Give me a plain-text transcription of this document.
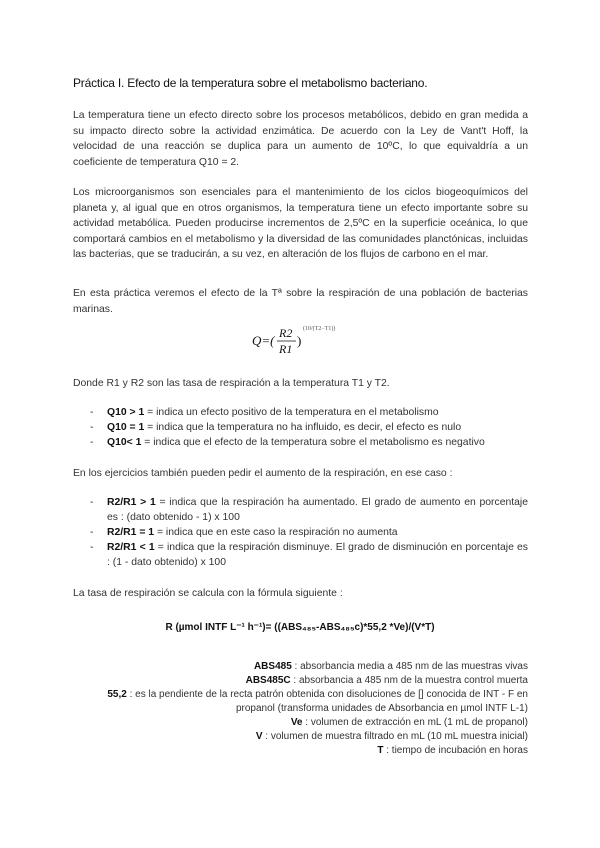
Práctica I. Efecto de la temperatura sobre el metabolismo bacteriano.

La temperatura tiene un efecto directo sobre los procesos metabólicos, debido en gran medida a su impacto directo sobre la actividad enzimática. De acuerdo con la Ley de Vant't Hoff, la velocidad de una reacción se duplica para un aumento de 10ºC, lo que equivaldría a un coeficiente de temperatura Q10 = 2.

Los microorganismos son esenciales para el mantenimiento de los ciclos biogeoquímicos del planeta y, al igual que en otros organismos, la temperatura tiene un efecto importante sobre su actividad metabólica. Pueden producirse incrementos de 2,5ºC en la superficie oceánica, lo que comportará cambios en el metabolismo y la diversidad de las comunidades planctónicas, incluidas las bacterias, que se traducirán, a su vez, en alteración de los flujos de carbono en el mar.

En esta práctica veremos el efecto de la Tª sobre la respiración de una población de bacterias marinas.

Q=( R2
R1
)
(10/(T2−T1))

Donde R1 y R2 son las tasa de respiración a la temperatura T1 y T2.

- Q10 > 1 = indica un efecto positivo de la temperatura en el metabolismo
- Q10 = 1 = indica que la temperatura no ha influido, es decir, el efecto es nulo
- Q10< 1 = indica que el efecto de la temperatura sobre el metabolismo es negativo

En los ejercicios también pueden pedir el aumento de la respiración, en ese caso :

- R2/R1 > 1 = indica que la respiración ha aumentado. El grado de aumento en porcentaje es : (dato obtenido - 1) x 100
- R2/R1 = 1 = indica que en este caso la respiración no aumenta
- R2/R1 < 1 = indica que la respiración disminuye. El grado de disminución en porcentaje es : (1 - dato obtenido) x 100

La tasa de respiración se calcula con la fórmula siguiente :

R (µmol INTF L⁻¹ h⁻¹)= ((ABS₄₈₅-ABS₄₈₅c)*55,2 *Ve)/(V*T)

ABS485 : absorbancia media a 485 nm de las muestras vivas

ABS485C : absorbancia a 485 nm de la muestra control muerta

55,2 : es la pendiente de la recta patrón obtenida con disoluciones de [] conocida de INT - F en propanol (transforma unidades de Absorbancia en µmol INTF L-1)

Ve : volumen de extracción en mL (1 mL de propanol)

V : volumen de muestra filtrado en mL (10 mL muestra inicial)

T : tiempo de incubación en horas
